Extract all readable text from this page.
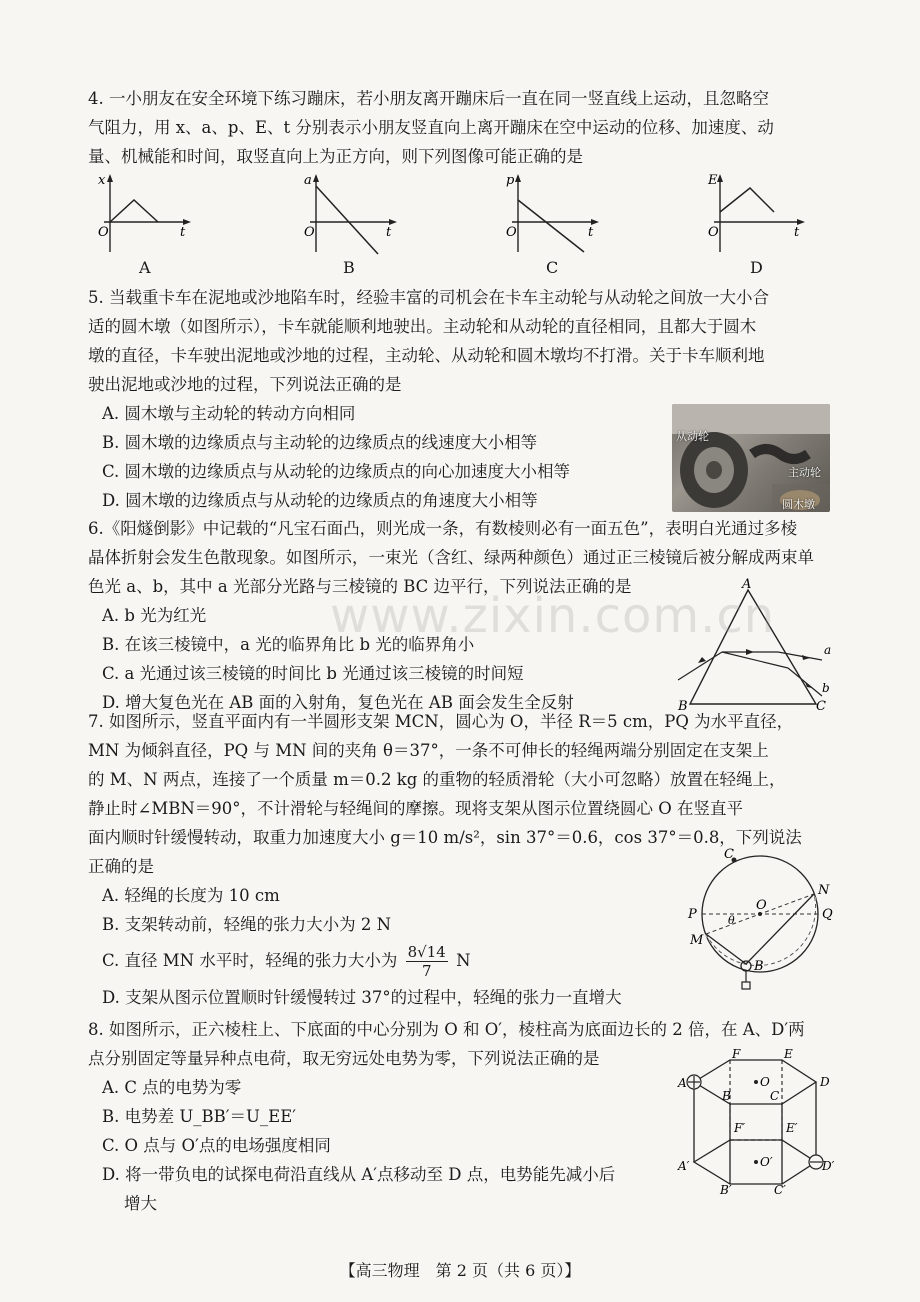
4. 一小朋友在安全环境下练习蹦床，若小朋友离开蹦床后一直在同一竖直线上运动，且忽略空

气阻力，用 x、a、p、E、t 分别表示小朋友竖直向上离开蹦床在空中运动的位移、加速度、动

量、机械能和时间，取竖直向上为正方向，则下列图像可能正确的是

x
O	t
A
a
O	t
B
p
O	t
C
E
O	t
D

5. 当载重卡车在泥地或沙地陷车时，经验丰富的司机会在卡车主动轮与从动轮之间放一大小合

适的圆木墩（如图所示），卡车就能顺利地驶出。主动轮和从动轮的直径相同，且都大于圆木

墩的直径，卡车驶出泥地或沙地的过程，主动轮、从动轮和圆木墩均不打滑。关于卡车顺利地

驶出泥地或沙地的过程，下列说法正确的是

A. 圆木墩与主动轮的转动方向相同

B. 圆木墩的边缘质点与主动轮的边缘质点的线速度大小相等

C. 圆木墩的边缘质点与从动轮的边缘质点的向心加速度大小相等

D. 圆木墩的边缘质点与从动轮的边缘质点的角速度大小相等

从动轮
主动轮
圆木墩

6.《阳燧倒影》中记载的“凡宝石面凸，则光成一条，有数棱则必有一面五色”，表明白光通过多棱

晶体折射会发生色散现象。如图所示，一束光（含红、绿两种颜色）通过正三棱镜后被分解成两束单

色光 a、b，其中 a 光部分光路与三棱镜的 BC 边平行，下列说法正确的是

A. b 光为红光

B. 在该三棱镜中，a 光的临界角比 b 光的临界角小

C. a 光通过该三棱镜的时间比 b 光通过该三棱镜的时间短

D. 增大复色光在 AB 面的入射角，复色光在 AB 面会发生全反射

A
B	C
a
b
www.zixin.com.cn

7. 如图所示，竖直平面内有一半圆形支架 MCN，圆心为 O，半径 R＝5 cm，PQ 为水平直径，

MN 为倾斜直径，PQ 与 MN 间的夹角 θ＝37°，一条不可伸长的轻绳两端分别固定在支架上

的 M、N 两点，连接了一个质量 m＝0.2 kg 的重物的轻质滑轮（大小可忽略）放置在轻绳上，

静止时∠MBN＝90°，不计滑轮与轻绳间的摩擦。现将支架从图示位置绕圆心 O 在竖直平

面内顺时针缓慢转动，取重力加速度大小 g＝10 m/s²，sin 37°＝0.6，cos 37°＝0.8，下列说法

正确的是

A. 轻绳的长度为 10 cm

B. 支架转动前，轻绳的张力大小为 2 N

C. 直径 MN 水平时，轻绳的张力大小为 $\frac{8√14}{7}$ N

D. 支架从图示位置顺时针缓慢转过 37°的过程中，轻绳的张力一直增大

C
N
O
P	Q
M
B
θ

8. 如图所示，正六棱柱上、下底面的中心分别为 O 和 O′，棱柱高为底面边长的 2 倍，在 A、D′两

点分别固定等量异种点电荷，取无穷远处电势为零，下列说法正确的是

A. C 点的电势为零

B. 电势差 U_BB′＝U_EE′

C. O 点与 O′点的电场强度相同

D. 将一带负电的试探电荷沿直线从 A′点移动至 D 点，电势能先减小后

增大

F	E
A	O	D
B	C
F′	E′
A′	O′	D′
B′	C′
【高三物理　第 2 页（共 6 页）】
